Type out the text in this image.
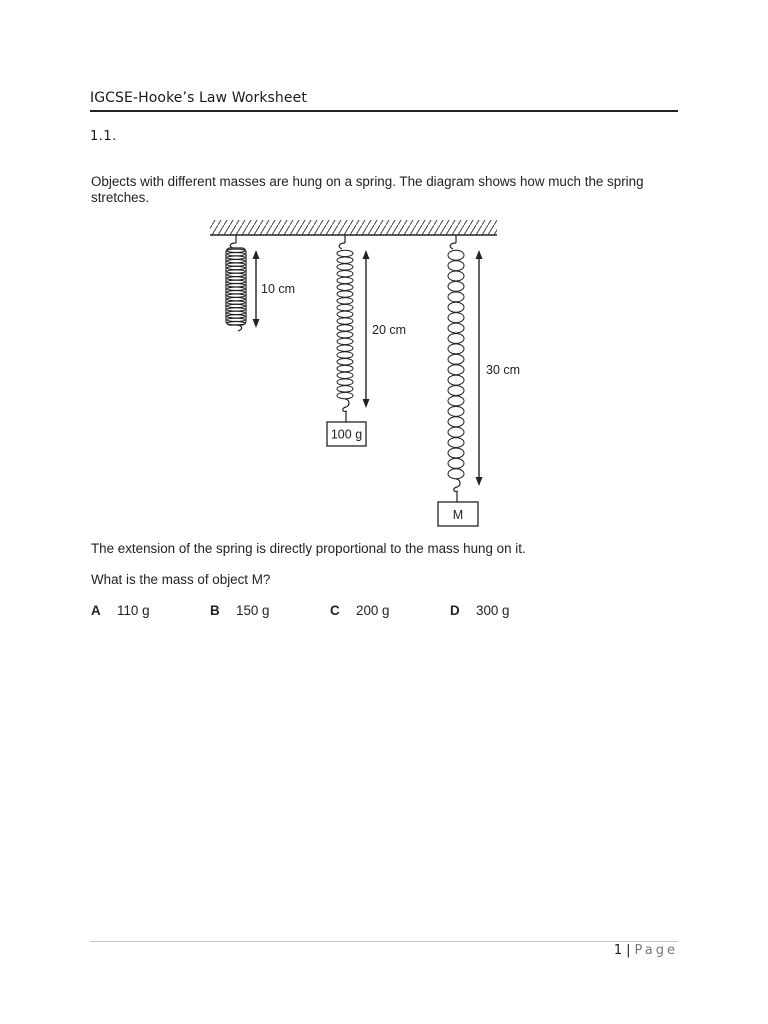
IGCSE-Hooke’s Law Worksheet
1.1.
Objects with different masses are hung on a spring. The diagram shows how much the spring stretches.
10 cm
20 cm
100 g
30 cm
M
The extension of the spring is directly proportional to the mass hung on it.
What is the mass of object M?
A 110 g	B 150 g	C 200 g	D 300 g
1 | Page
